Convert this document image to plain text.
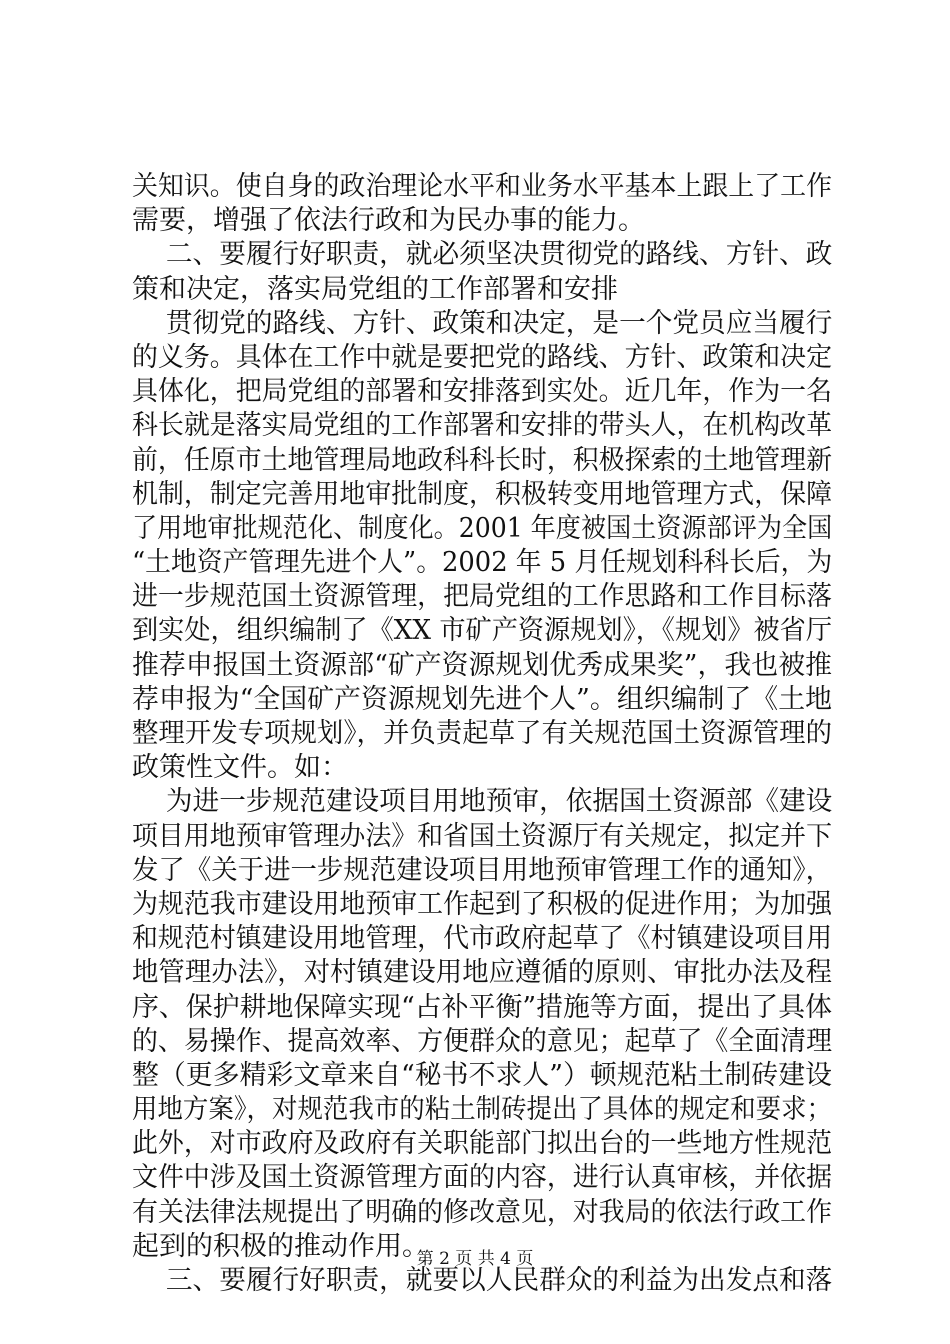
关知识。使自身的政治理论水平和业务水平基本上跟上了工作
需要，增强了依法行政和为民办事的能力。
二、要履行好职责，就必须坚决贯彻党的路线、方针、政
策和决定，落实局党组的工作部署和安排
贯彻党的路线、方针、政策和决定，是一个党员应当履行
的义务。具体在工作中就是要把党的路线、方针、政策和决定
具体化，把局党组的部署和安排落到实处。近几年，作为一名
科长就是落实局党组的工作部署和安排的带头人，在机构改革
前，任原市土地管理局地政科科长时，积极探索的土地管理新
机制，制定完善用地审批制度，积极转变用地管理方式，保障
了用地审批规范化、制度化。2001 年度被国土资源部评为全国
“土地资产管理先进个人”。2002 年 5 月任规划科科长后，为
进一步规范国土资源管理，把局党组的工作思路和工作目标落
到实处，组织编制了《XX 市矿产资源规划》，《规划》被省厅
推荐申报国土资源部“矿产资源规划优秀成果奖”，我也被推
荐申报为“全国矿产资源规划先进个人”。组织编制了《土地
整理开发专项规划》，并负责起草了有关规范国土资源管理的
政策性文件。如：
为进一步规范建设项目用地预审，依据国土资源部《建设
项目用地预审管理办法》和省国土资源厅有关规定，拟定并下
发了《关于进一步规范建设项目用地预审管理工作的通知》，
为规范我市建设用地预审工作起到了积极的促进作用；为加强
和规范村镇建设用地管理，代市政府起草了《村镇建设项目用
地管理办法》，对村镇建设用地应遵循的原则、审批办法及程
序、保护耕地保障实现“占补平衡”措施等方面，提出了具体
的、易操作、提高效率、方便群众的意见；起草了《全面清理
整（更多精彩文章来自“秘书不求人”）顿规范粘土制砖建设
用地方案》，对规范我市的粘土制砖提出了具体的规定和要求；
此外，对市政府及政府有关职能部门拟出台的一些地方性规范
文件中涉及国土资源管理方面的内容，进行认真审核，并依据
有关法律法规提出了明确的修改意见，对我局的依法行政工作
起到的积极的推动作用。
三、要履行好职责，就要以人民群众的利益为出发点和落
第 2 页 共 4 页
